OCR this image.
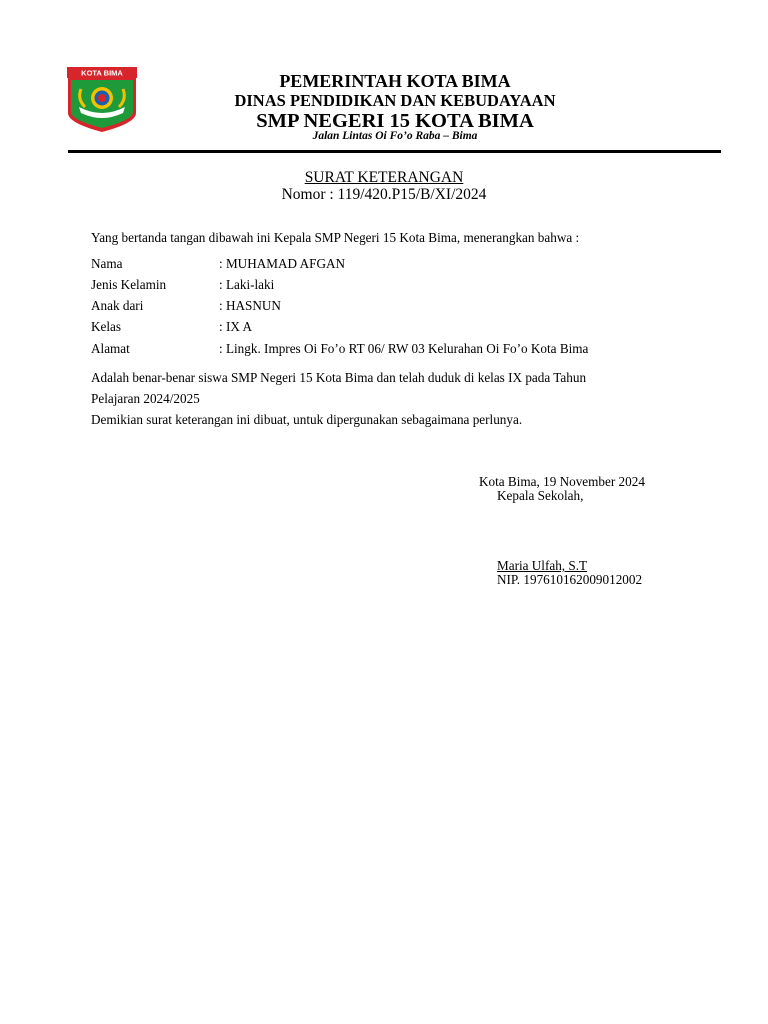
KOTA BIMA	PEMERINTAH KOTA BIMA
DINAS PENDIDIKAN DAN KEBUDAYAAN
SMP NEGERI 15 KOTA BIMA
Jalan Lintas Oi Fo’o Raba – Bima
SURAT KETERANGAN
Nomor : 119/420.P15/B/XI/2024
Yang bertanda tangan dibawah ini Kepala SMP Negeri 15 Kota Bima, menerangkan bahwa :
Nama	: MUHAMAD AFGAN
Jenis Kelamin	: Laki-laki
Anak dari	: HASNUN
Kelas	: IX A
Alamat	: Lingk. Impres Oi Fo’o RT 06/ RW 03 Kelurahan Oi Fo’o Kota Bima
Adalah benar-benar siswa SMP Negeri 15 Kota Bima dan telah duduk di kelas IX pada Tahun
Pelajaran 2024/2025
Demikian surat keterangan ini dibuat, untuk dipergunakan sebagaimana perlunya.
Kota Bima, 19 November 2024
Kepala Sekolah,
Maria Ulfah, S.T
NIP. 197610162009012002
